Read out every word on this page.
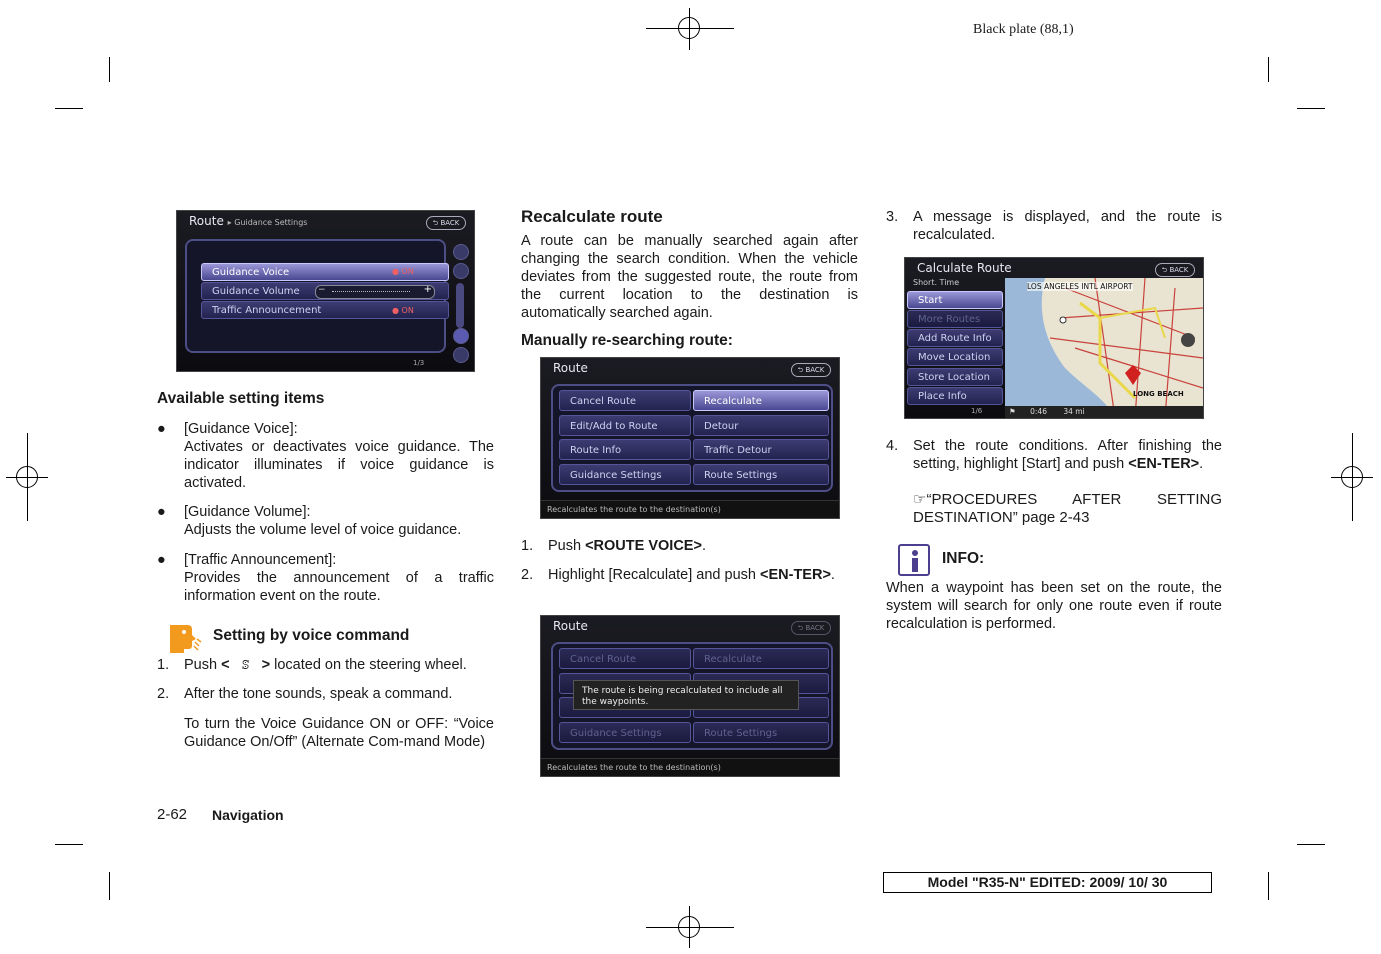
Black plate (88,1)
Route ▸ Guidance Settings	⮌ BACK
Guidance Voice	● ON
Guidance Volume	−	+
Traffic Announcement	● ON
1/3
Available setting items
● [Guidance Voice]:
Activates or deactivates voice guidance. The indicator illuminates if voice guidance is activated.
● [Guidance Volume]:
Adjusts the volume level of voice guidance.
● [Traffic Announcement]:
Provides the announcement of a traffic information event on the route.
Setting by voice command
1. Push < ꕷ > located on the steering wheel.
2. After the tone sounds, speak a command.
To turn the Voice Guidance ON or OFF: “Voice Guidance On/Off” (Alternate Com-mand Mode)
Recalculate route
A route can be manually searched again after changing the search condition. When the vehicle deviates from the suggested route, the route from the current location to the destination is automatically searched again.
Manually re-searching route:
Route	⮌ BACK
Cancel Route
Edit/Add to Route
Route Info
Guidance Settings
Recalculate
Detour
Traffic Detour
Route Settings
Recalculates the route to the destination(s)
1. Push <ROUTE VOICE>.
2. Highlight [Recalculate] and push <EN-TER>.
Route	⮌ BACK
Cancel Route
Guidance Settings
Recalculate
Route Settings
The route is being recalculated to include all the waypoints.
Recalculates the route to the destination(s)
3. A message is displayed, and the route is recalculated.
Calculate Route	⮌ BACK
LOS ANGELES INTL AIRPORT
LONG BEACH
⚑ 0:46 34 mi
Short. Time
Start
More Routes
Add Route Info
Move Location
Store Location
Place Info
1/6
4. Set the route conditions. After finishing the setting, highlight [Start] and push <EN-TER>.
☞“PROCEDURES AFTER SETTING DESTINATION” page 2-43
INFO:
When a waypoint has been set on the route, the system will search for only one route even if route recalculation is performed.
2-62 Navigation
Model "R35-N" EDITED: 2009/ 10/ 30
